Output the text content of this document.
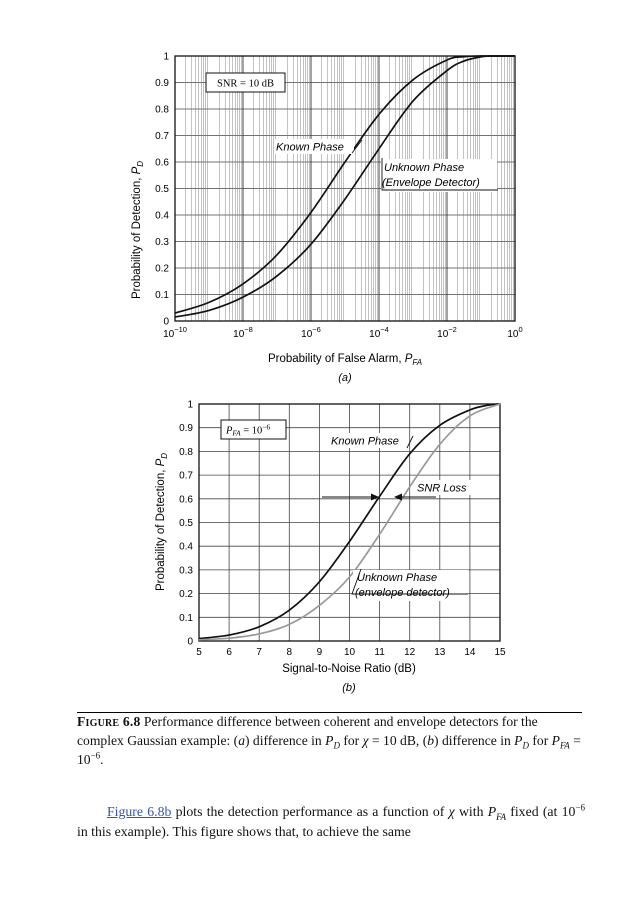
0
0.1
0.2
0.3
0.4
0.5
0.6
0.7
0.8
0.9
1
$10^{-10}$	$10^{-8}$	$10^{-6}$	$10^{-4}$	$10^{-2}$	$10^0$
SNR = 10 dB
Known Phase
Unknown Phase
(Envelope Detector)
Probability of Detection, $P_D$
Probability of False Alarm, $P_{FA}$
(a)
0
0.1
0.2
0.3
0.4
0.5
0.6
0.7
0.8
0.9
1
5 6 7 8 9 10 11 12 13 14 15
PFA = $10^{-6}$
Known Phase
SNR Loss
Unknown Phase
(envelope detector)
Probability of Detection, $P_D$
Signal-to-Noise Ratio (dB)
(b)
Figure 6.8 Performance difference between coherent and envelope detectors for the complex Gaussian example: (a) difference in $P_D$ for χ = 10 dB, (b) difference in $P_D$ for $P_{FA} = 10^{-6}$.
Figure 6.8b plots the detection performance as a function of χ with $P_{FA}$ fixed (at $10^{-6}$ in this example). This figure shows that, to achieve the same
